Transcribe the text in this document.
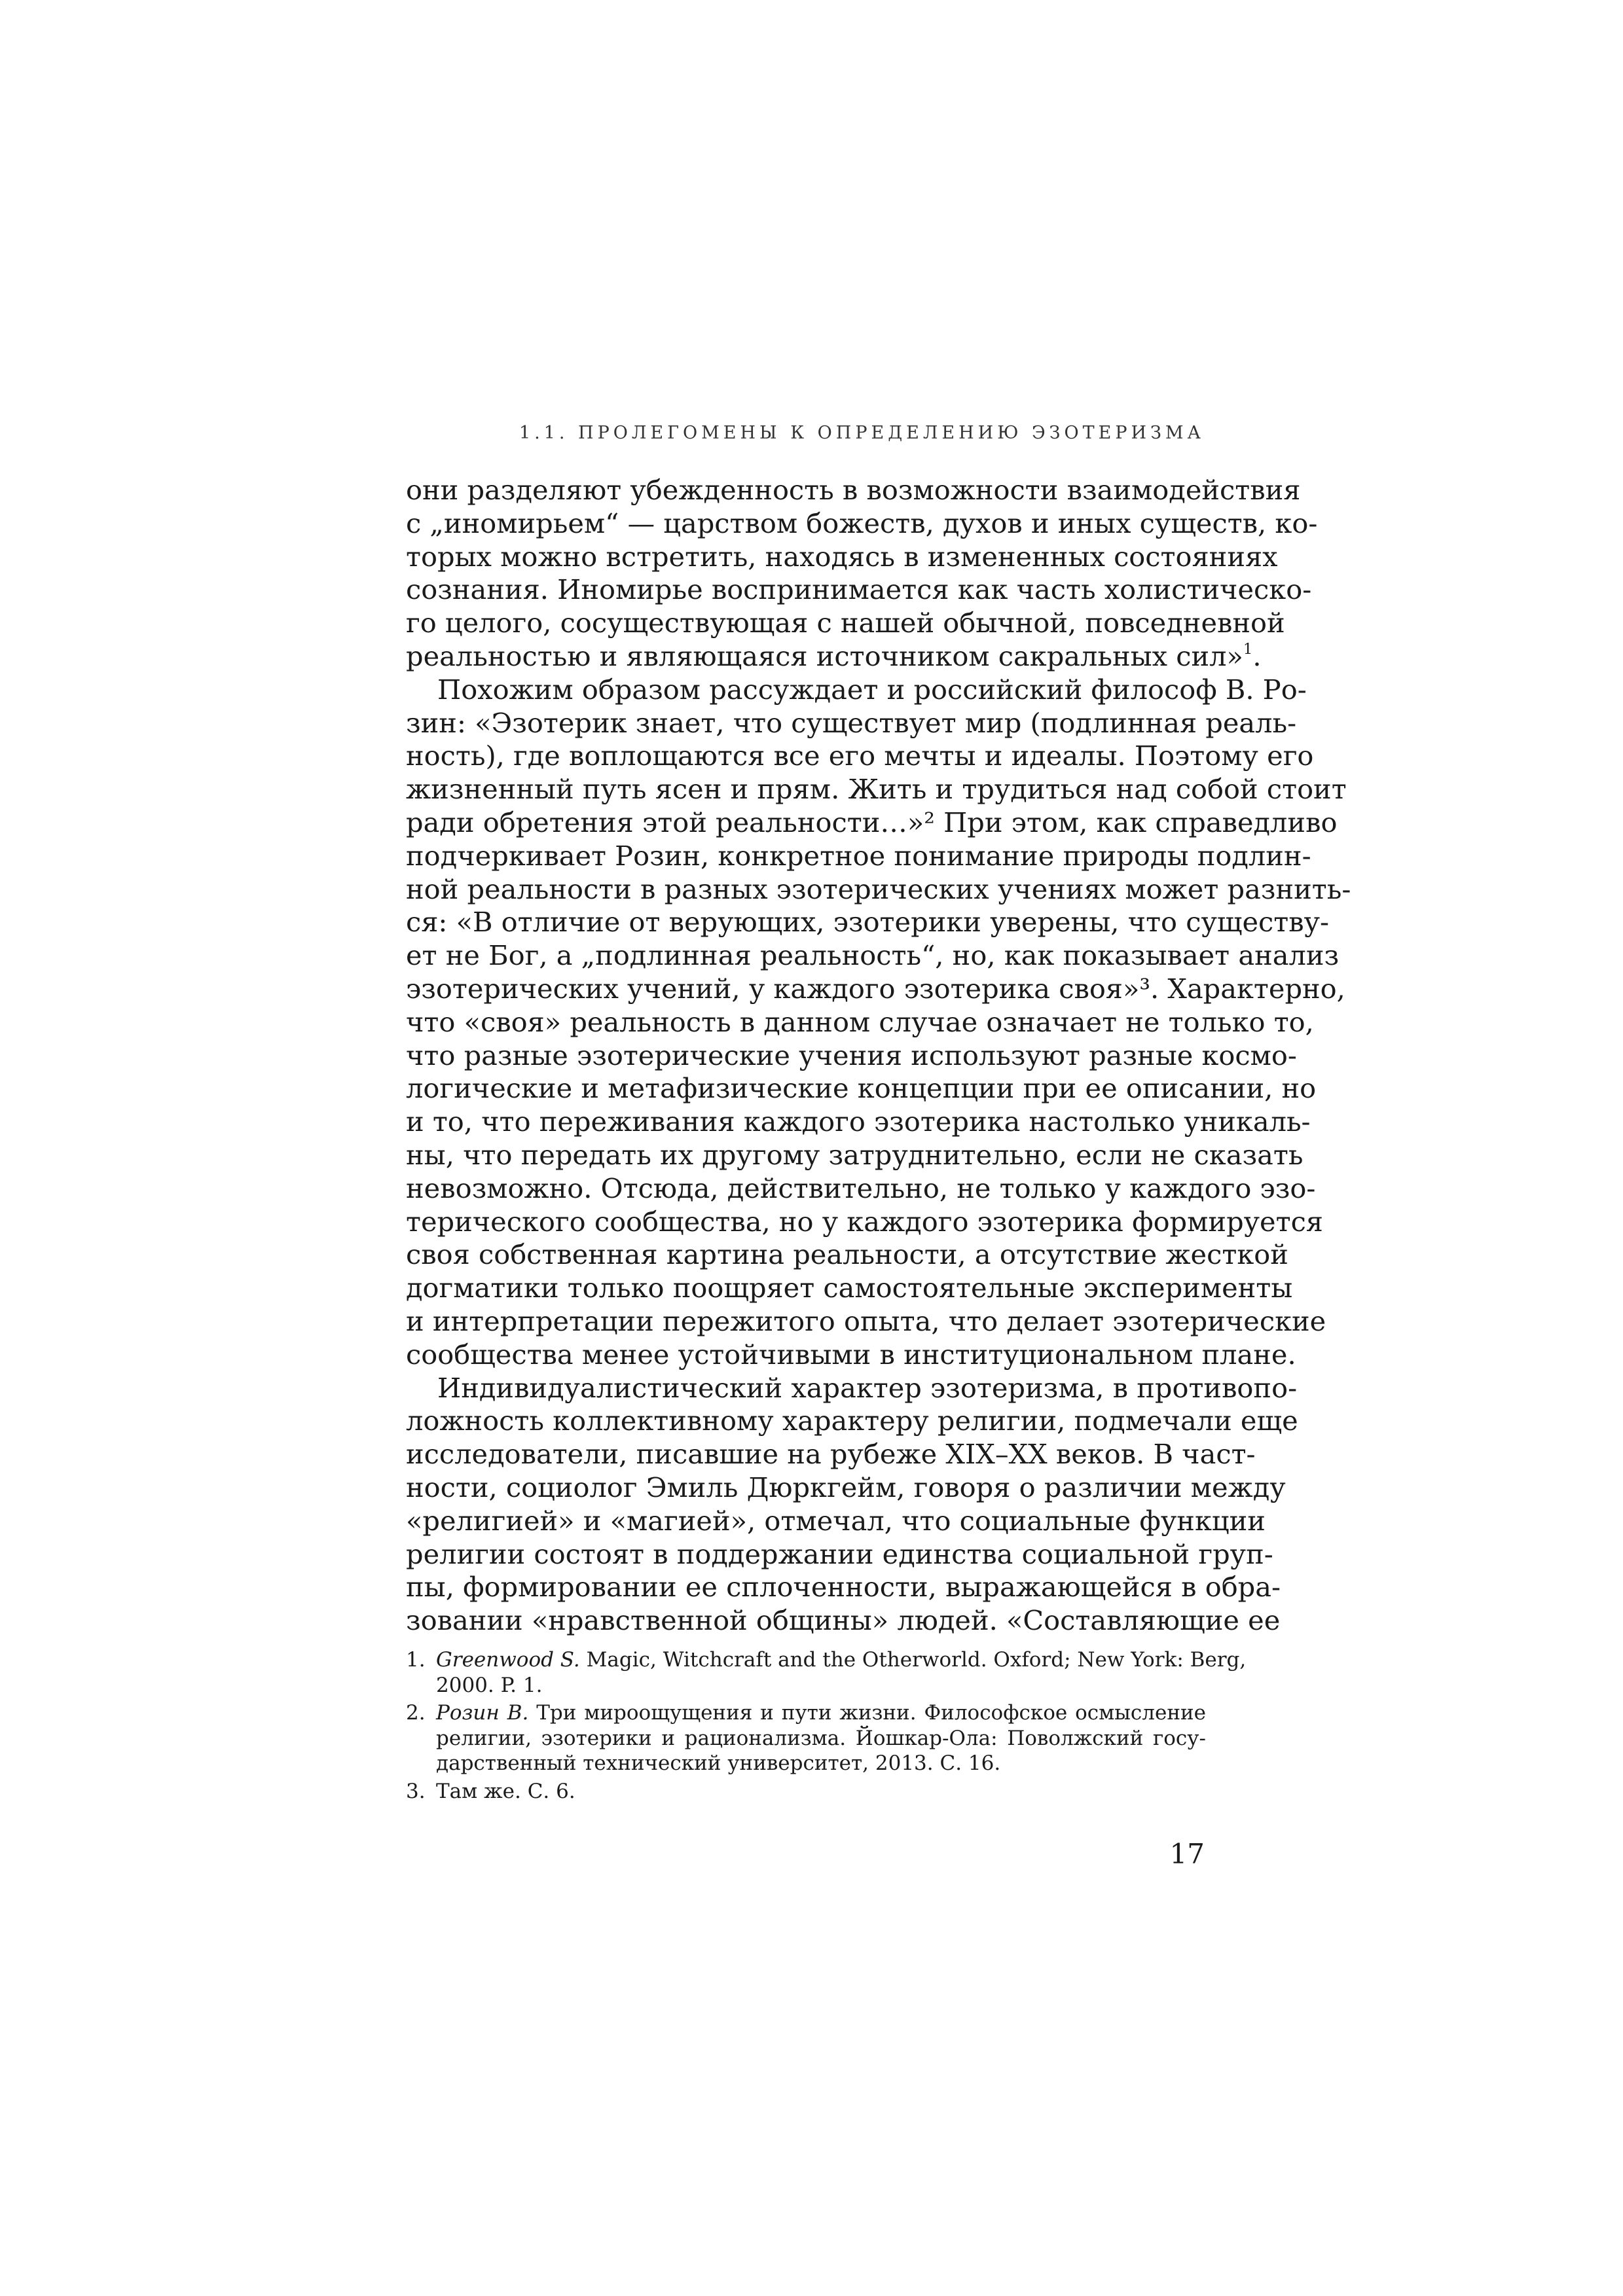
1.1. ПРОЛЕГОМЕНЫ К ОПРЕДЕЛЕНИЮ ЭЗОТЕРИЗМА
они разделяют убежденность в возможности взаимодействия
с „иномирьем“ — царством божеств, духов и иных существ, ко-
торых можно встретить, находясь в измененных состояниях
сознания. Иномирье воспринимается как часть холистическо-
го целого, сосуществующая с нашей обычной, повседневной
реальностью и являющаяся источником сакральных сил»$^1$.
Похожим образом рассуждает и российский философ В. Ро-
зин: «Эзотерик знает, что существует мир (подлинная реаль-
ность), где воплощаются все его мечты и идеалы. Поэтому его
жизненный путь ясен и прям. Жить и трудиться над собой стоит
ради обретения этой реальности…»² При этом, как справедливо
подчеркивает Розин, конкретное понимание природы подлин-
ной реальности в разных эзотерических учениях может разнить-
ся: «В отличие от верующих, эзотерики уверены, что существу-
ет не Бог, а „подлинная реальность“, но, как показывает анализ
эзотерических учений, у каждого эзотерика своя»³. Характерно,
что «своя» реальность в данном случае означает не только то,
что разные эзотерические учения используют разные космо-
логические и метафизические концепции при ее описании, но
и то, что переживания каждого эзотерика настолько уникаль-
ны, что передать их другому затруднительно, если не сказать
невозможно. Отсюда, действительно, не только у каждого эзо-
терического сообщества, но у каждого эзотерика формируется
своя собственная картина реальности, а отсутствие жесткой
догматики только поощряет самостоятельные эксперименты
и интерпретации пережитого опыта, что делает эзотерические
сообщества менее устойчивыми в институциональном плане.
Индивидуалистический характер эзотеризма, в противопо-
ложность коллективному характеру религии, подмечали еще
исследователи, писавшие на рубеже XIX–XX веков. В част-
ности, социолог Эмиль Дюркгейм, говоря о различии между
«религией» и «магией», отмечал, что социальные функции
религии состоят в поддержании единства социальной груп-
пы, формировании ее сплоченности, выражающейся в обра-
зовании «нравственной общины» людей. «Составляющие ее
1. Greenwood S. Magic, Witchcraft and the Otherworld. Oxford; New York: Berg,
2000. P. 1.
2. Розин В. Три мироощущения и пути жизни. Философское осмысление
религии, эзотерики и рационализма. Йошкар-Ола: Поволжский госу-
дарственный технический университет, 2013. С. 16.
3. Там же. С. 6.
17
